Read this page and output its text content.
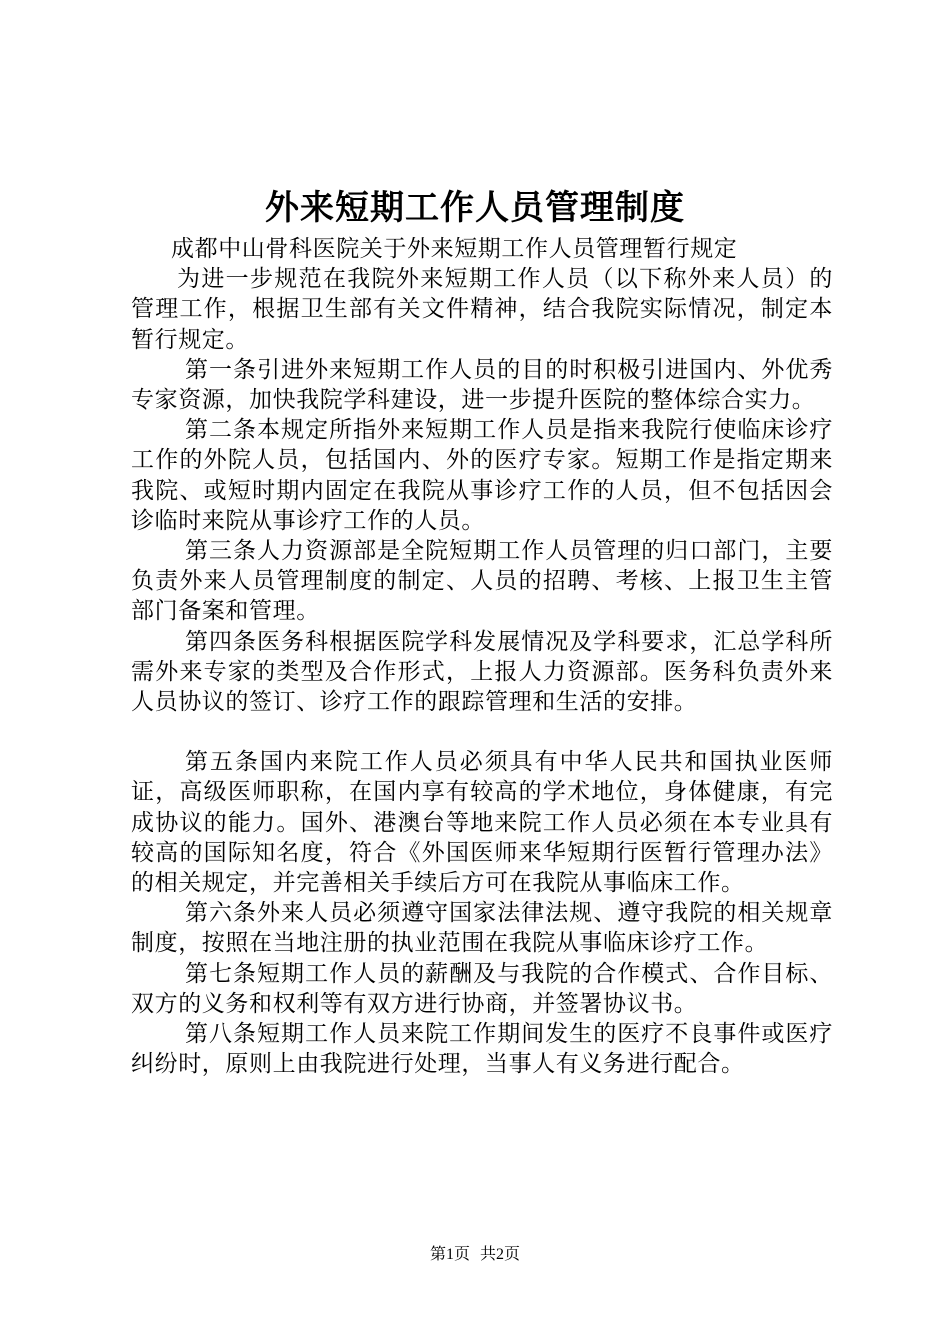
外来短期工作人员管理制度

成都中山骨科医院关于外来短期工作人员管理暂行规定

为进一步规范在我院外来短期工作人员（以下称外来人员）的管理工作，根据卫生部有关文件精神，结合我院实际情况，制定本暂行规定。

第一条引进外来短期工作人员的目的时积极引进国内、外优秀专家资源，加快我院学科建设，进一步提升医院的整体综合实力。

第二条本规定所指外来短期工作人员是指来我院行使临床诊疗工作的外院人员，包括国内、外的医疗专家。短期工作是指定期来我院、或短时期内固定在我院从事诊疗工作的人员，但不包括因会诊临时来院从事诊疗工作的人员。

第三条人力资源部是全院短期工作人员管理的归口部门，主要负责外来人员管理制度的制定、人员的招聘、考核、上报卫生主管部门备案和管理。

第四条医务科根据医院学科发展情况及学科要求，汇总学科所需外来专家的类型及合作形式，上报人力资源部。医务科负责外来人员协议的签订、诊疗工作的跟踪管理和生活的安排。

第五条国内来院工作人员必须具有中华人民共和国执业医师证，高级医师职称，在国内享有较高的学术地位，身体健康，有完成协议的能力。国外、港澳台等地来院工作人员必须在本专业具有较高的国际知名度，符合《外国医师来华短期行医暂行管理办法》的相关规定，并完善相关手续后方可在我院从事临床工作。

第六条外来人员必须遵守国家法律法规、遵守我院的相关规章制度，按照在当地注册的执业范围在我院从事临床诊疗工作。

第七条短期工作人员的薪酬及与我院的合作模式、合作目标、双方的义务和权利等有双方进行协商，并签署协议书。

第八条短期工作人员来院工作期间发生的医疗不良事件或医疗纠纷时，原则上由我院进行处理，当事人有义务进行配合。

第1页 共2页
